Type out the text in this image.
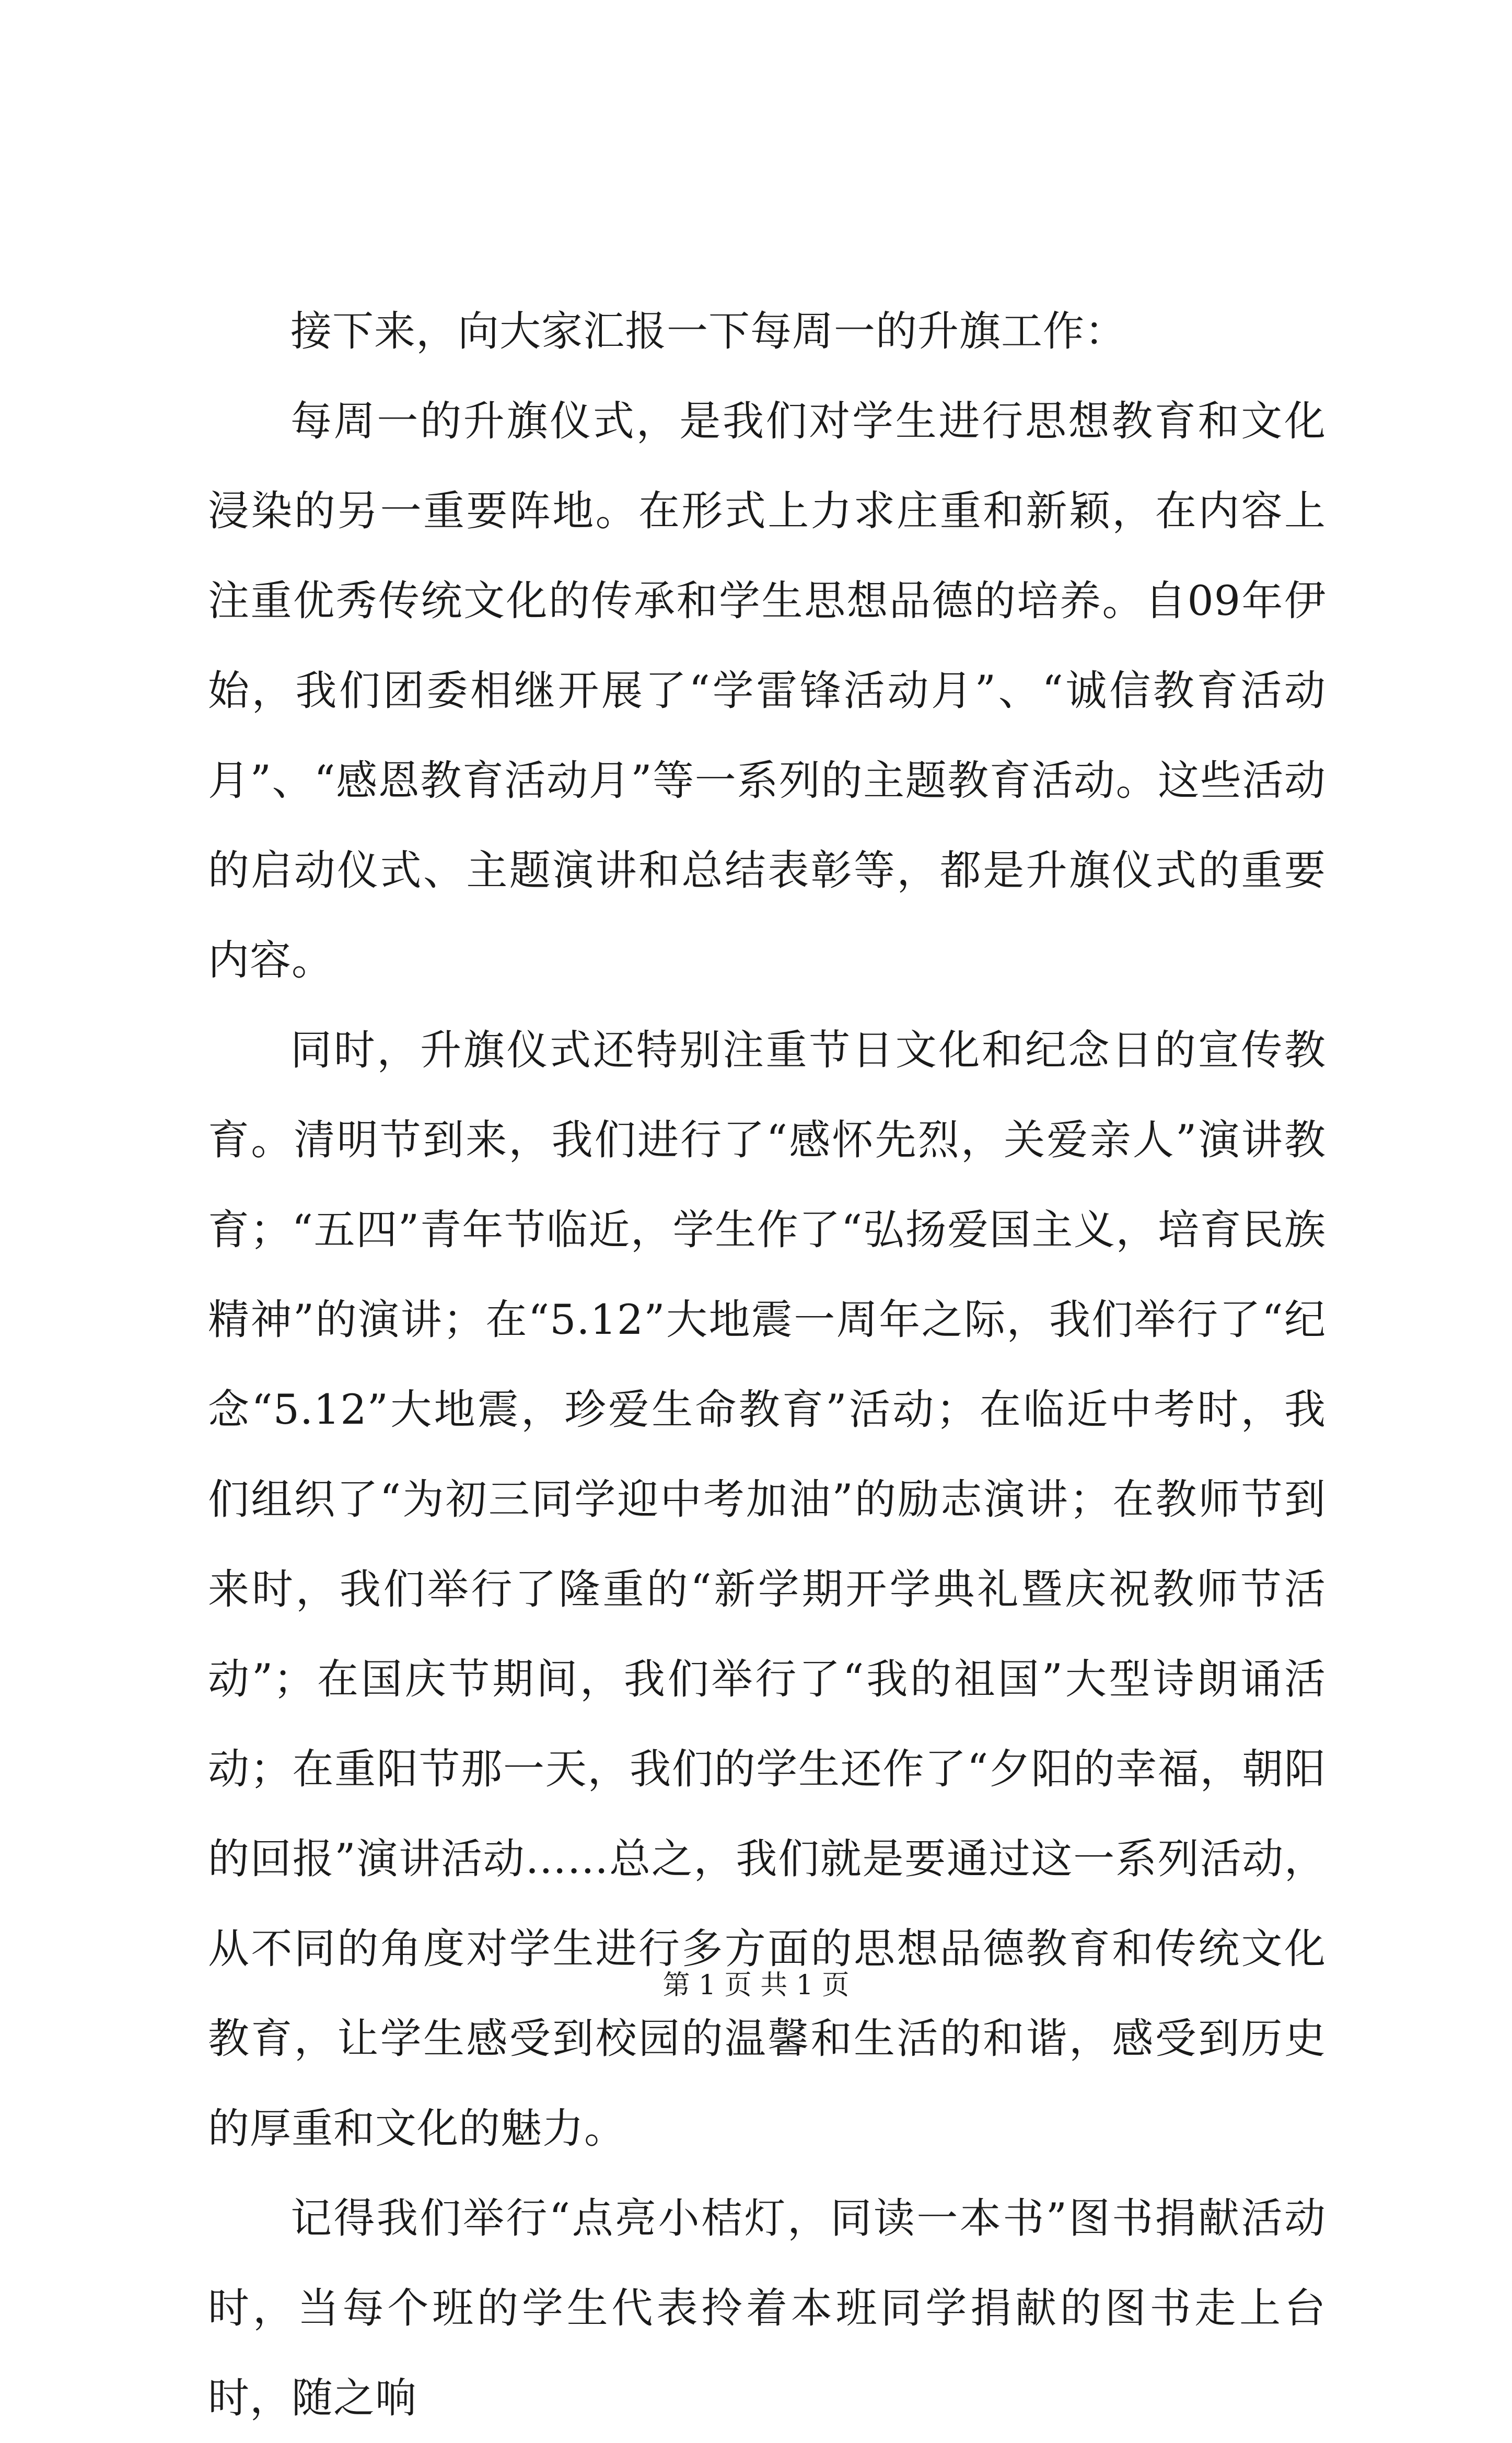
接下来，向大家汇报一下每周一的升旗工作：

每周一的升旗仪式，是我们对学生进行思想教育和文化浸染的另一重要阵地。在形式上力求庄重和新颖，在内容上注重优秀传统文化的传承和学生思想品德的培养。自09年伊始，我们团委相继开展了“学雷锋活动月”、“诚信教育活动月”、“感恩教育活动月”等一系列的主题教育活动。这些活动的启动仪式、主题演讲和总结表彰等，都是升旗仪式的重要内容。

同时，升旗仪式还特别注重节日文化和纪念日的宣传教育。清明节到来，我们进行了“感怀先烈，关爱亲人”演讲教育；“五四”青年节临近，学生作了“弘扬爱国主义，培育民族精神”的演讲；在“5.12”大地震一周年之际，我们举行了“纪念“5.12”大地震，珍爱生命教育”活动；在临近中考时，我们组织了“为初三同学迎中考加油”的励志演讲；在教师节到来时，我们举行了隆重的“新学期开学典礼暨庆祝教师节活动”；在国庆节期间，我们举行了“我的祖国”大型诗朗诵活动；在重阳节那一天，我们的学生还作了“夕阳的幸福，朝阳的回报”演讲活动……总之，我们就是要通过这一系列活动，从不同的角度对学生进行多方面的思想品德教育和传统文化教育，让学生感受到校园的温馨和生活的和谐，感受到历史的厚重和文化的魅力。

记得我们举行“点亮小桔灯，同读一本书”图书捐献活动时，当每个班的学生代表拎着本班同学捐献的图书走上台时，随之响

第 1 页 共 1 页
